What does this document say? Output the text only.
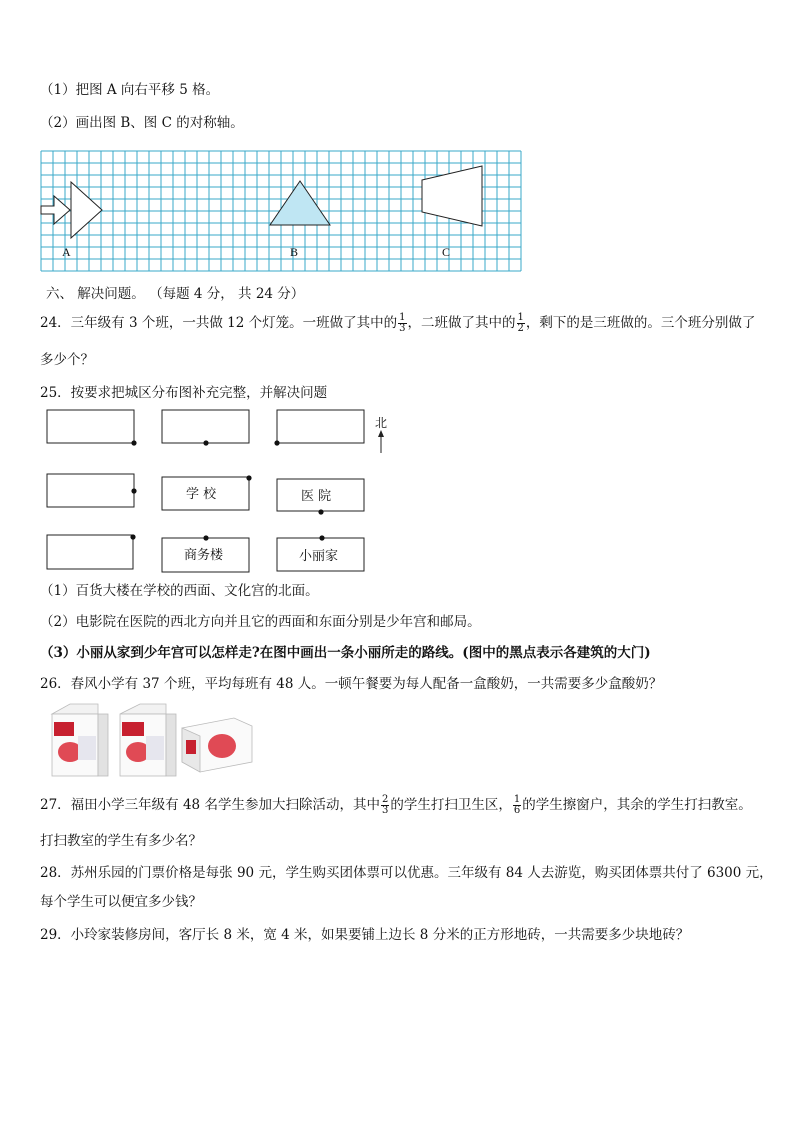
（1）把图 A 向右平移 5 格。
（2）画出图 B、图 C 的对称轴。
A	B	C
六、 解决问题。 （每题 4 分， 共 24 分）
24．三年级有 3 个班，一共做 12 个灯笼。一班做了其中的 $\frac{1}{3}$ ，二班做了其中的 $\frac{1}{2}$ ，剩下的是三班做的。三个班分别做了
多少个？
25．按要求把城区分布图补充完整，并解决问题
学 校	医 院
商务楼	小丽家
北
（1）百货大楼在学校的西面、文化宫的北面。
（2）电影院在医院的西北方向并且它的西面和东面分别是少年宫和邮局。
（3）小丽从家到少年宫可以怎样走?在图中画出一条小丽所走的路线。(图中的黑点表示各建筑的大门)
26．春风小学有 37 个班，平均每班有 48 人。一顿午餐要为每人配备一盒酸奶，一共需要多少盒酸奶？
27．福田小学三年级有 48 名学生参加大扫除活动，其中 $\frac{2}{3}$ 的学生打扫卫生区， $\frac{1}{6}$ 的学生擦窗户，其余的学生打扫教室。
打扫教室的学生有多少名？
28．苏州乐园的门票价格是每张 90 元，学生购买团体票可以优惠。三年级有 84 人去游览，购买团体票共付了 6300 元，
每个学生可以便宜多少钱？
29．小玲家装修房间，客厅长 8 米，宽 4 米，如果要铺上边长 8 分米的正方形地砖，一共需要多少块地砖？
